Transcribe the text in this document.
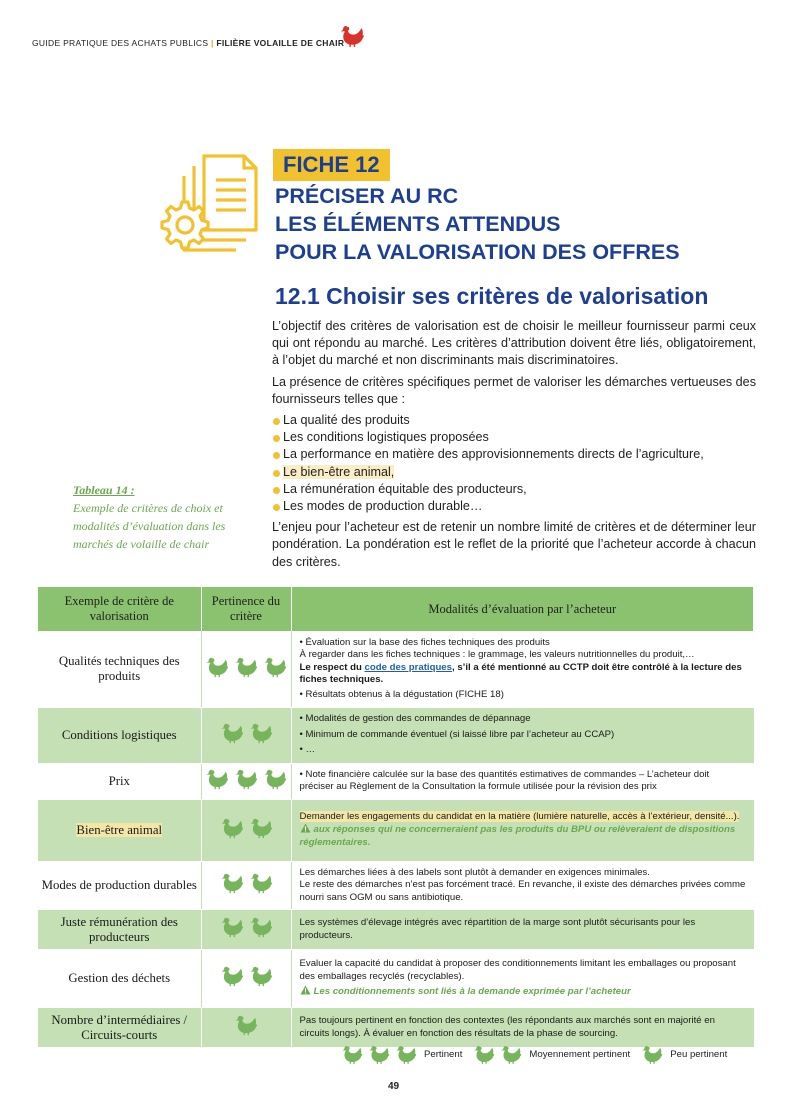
GUIDE PRATIQUE DES ACHATS PUBLICS | FILIÈRE VOLAILLE DE CHAIR
FICHE 12
PRÉCISER AU RC
LES ÉLÉMENTS ATTENDUS
POUR LA VALORISATION DES OFFRES
12.1 Choisir ses critères de valorisation

L’objectif des critères de valorisation est de choisir le meilleur fournisseur parmi ceux qui ont répondu au marché. Les critères d’attribution doivent être liés, obligatoirement, à l’objet du marché et non discriminants mais discriminatoires.

La présence de critères spécifiques permet de valoriser les démarches vertueuses des fournisseurs telles que :

La qualité des produits
Les conditions logistiques proposées
La performance en matière des approvisionnements directs de l’agriculture,
Le bien-être animal,
La rémunération équitable des producteurs,
Les modes de production durable…

L’enjeu pour l’acheteur est de retenir un nombre limité de critères et de déterminer leur pondération. La pondération est le reflet de la priorité que l’acheteur accorde à chacun des critères.

Tableau 14 :
Exemple de critères de choix et modalités d’évaluation dans les marchés de volaille de chair
Exemple de critère de valorisation	Pertinence du critère	Modalités d’évaluation par l’acheteur
Qualités techniques des produits		• Évaluation sur la base des fiches techniques des produits
À regarder dans les fiches techniques : le grammage, les valeurs nutritionnelles du produit,…
Le respect du code des pratiques, s’il a été mentionné au CCTP doit être contrôlé à la lecture des fiches techniques.
• Résultats obtenus à la dégustation (FICHE 18)

Conditions logistiques		• Modalités de gestion des commandes de dépannage
• Minimum de commande éventuel (si laissé libre par l’acheteur au CCAP)
• …

Prix		• Note financière calculée sur la base des quantités estimatives de commandes – L’acheteur doit préciser au Règlement de la Consultation la formule utilisée pour la révision des prix

Bien-être animal		Demander les engagements du candidat en la matière (lumière naturelle, accès à l’extérieur, densité...).
aux réponses qui ne concerneraient pas les produits du BPU ou relèveraient de dispositions réglementaires.

Modes de production durables		Les démarches liées à des labels sont plutôt à demander en exigences minimales.
Le reste des démarches n’est pas forcément tracé. En revanche, il existe des démarches privées comme nourri sans OGM ou sans antibiotique.

Juste rémunération des producteurs		Les systèmes d’élevage intégrés avec répartition de la marge sont plutôt sécurisants pour les producteurs.

Gestion des déchets		Evaluer la capacité du candidat à proposer des conditionnements limitant les emballages ou proposant des emballages recyclés (recyclables).
Les conditionnements sont liés à la demande exprimée par l’acheteur

Nombre d’intermédiaires / Circuits-courts		Pas toujours pertinent en fonction des contextes (les répondants aux marchés sont en majorité en circuits longs). À évaluer en fonction des résultats de la phase de sourcing.
Pertinent	Moyennement pertinent	Peu pertinent
49
